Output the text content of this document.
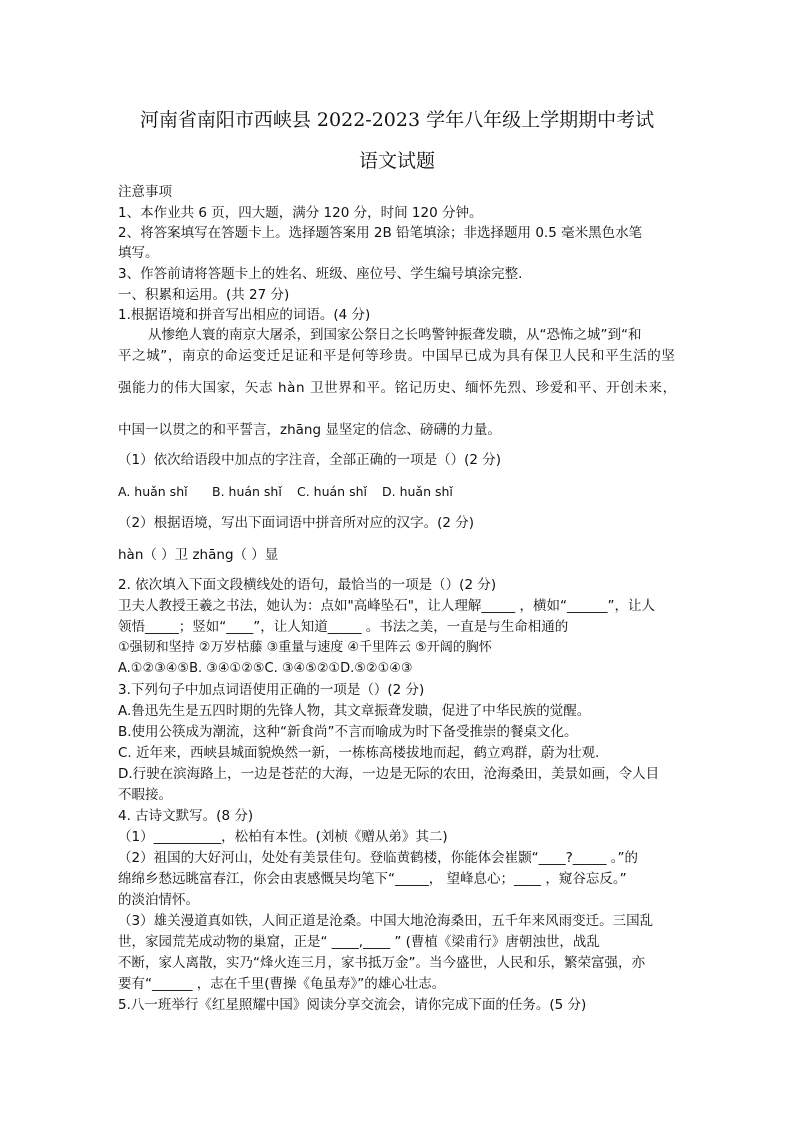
河南省南阳市西峡县 2022-2023 学年八年级上学期期中考试
语文试题
注意事项
1、本作业共 6 页，四大题，满分 120 分，时间 120 分钟。
2、将答案填写在答题卡上。选择题答案用 2B 铅笔填涂；非选择题用 0.5 毫米黑色水笔
填写。
3、作答前请将答题卡上的姓名、班级、座位号、学生编号填涂完整.
一、积累和运用。(共 27 分)
1.根据语境和拼音写出相应的词语。(4 分)
从惨绝人寰的南京大屠杀，到国家公祭日之长鸣警钟振聋发聩，从“恐怖之城”到“和
平之城”，南京的命运变迁足证和平是何等珍贵。中国早已成为具有保卫人民和平生活的坚
强能力的伟大国家，矢志 hàn 卫世界和平。铭记历史、缅怀先烈、珍爱和平、开创未来，
中国一以贯之的和平誓言，zhāng 显坚定的信念、磅礴的力量。
（1）依次给语段中加点的字注音，全部正确的一项是（）(2 分)
A. huǎn shǐ B. huán shǐ C. huán shǐ D. huǎn shǐ
（2）根据语境，写出下面词语中拼音所对应的汉字。(2 分)
hàn（ ）卫 zhāng（ ）显
2. 依次填入下面文段横线处的语句，最恰当的一项是（）(2 分)
卫夫人教授王羲之书法，她认为：点如"高峰坠石"，让人理解_____ ，横如“______”，让人
领悟_____；竖如“____”，让人知道_____ 。书法之美，一直是与生命相通的
①强韧和坚持 ②万岁枯藤 ③重量与速度 ④千里阵云 ⑤开阔的胸怀
A.①②③④⑤B. ③④①②⑤C. ③④⑤②①D.⑤②①④③
3.下列句子中加点词语使用正确的一项是（）(2 分)
A.鲁迅先生是五四时期的先锋人物，其文章振聋发聩，促进了中华民族的觉醒。
B.使用公筷成为潮流，这种“新食尚”不言而喻成为时下备受推崇的餐桌文化。
C. 近年来，西峡县城面貌焕然一新，一栋栋高楼拔地而起，鹤立鸡群，蔚为壮观.
D.行驶在滨海路上，一边是苍茫的大海，一边是无际的农田，沧海桑田，美景如画，令人目
不暇接。
4. 古诗文默写。(8 分)
（1）__________，松柏有本性。(刘桢《赠从弟》其二)
（2）祖国的大好河山，处处有美景佳句。登临黄鹤楼，你能体会崔颢“____?_____ 。”的
绵绵乡愁远眺富春江，你会由衷感慨吴均笔下“_____， 望峰息心；____ ，窥谷忘反。”
的淡泊情怀。
（3）雄关漫道真如铁，人间正道是沧桑。中国大地沧海桑田，五千年来风雨变迁。三国乱
世，家园荒芜成动物的巢窟，正是“ ____,____ ” (曹植《梁甫行》唐朝浊世，战乱
不断，家人离散，实乃“烽火连三月，家书抵万金”。当今盛世，人民和乐，繁荣富强，亦
要有“______ ，志在千里(曹操《龟虽寿》”的雄心壮志。
5.八一班举行《红星照耀中国》阅读分享交流会，请你完成下面的任务。(5 分)
